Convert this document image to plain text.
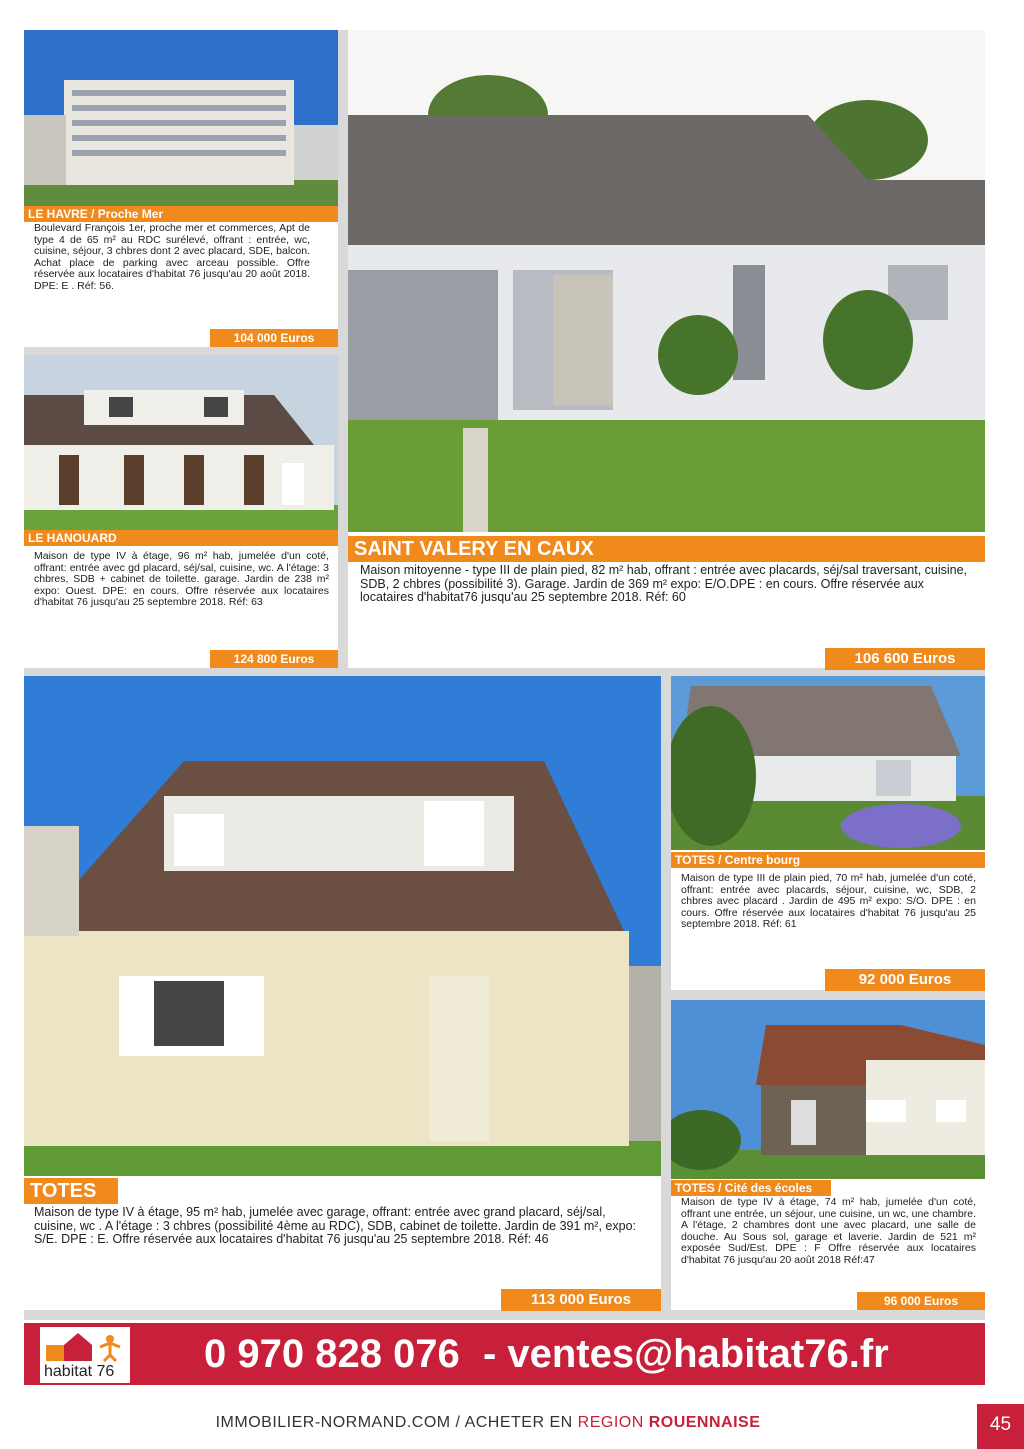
LE HAVRE / Proche Mer
Boulevard François 1er, proche mer et commerces, Apt de type 4 de 65 m² au RDC surélevé, offrant : entrée, wc, cuisine, séjour, 3 chbres dont 2 avec placard, SDE, balcon. Achat place de parking avec arceau possible. Offre réservée aux locataires d'habitat 76 jusqu'au 20 août 2018. DPE: E . Réf: 56.
104 000 Euros
LE HANOUARD
Maison de type IV à étage, 96 m² hab, jumelée d'un coté, offrant: entrée avec gd placard, séj/sal, cuisine, wc. A l'étage: 3 chbres, SDB + cabinet de toilette. garage. Jardin de 238 m² expo: Ouest. DPE: en cours. Offre réservée aux locataires d'habitat 76 jusqu'au 25 septembre 2018. Réf: 63
124 800 Euros
SAINT VALERY EN CAUX
Maison mitoyenne - type III de plain pied, 82 m² hab, offrant : entrée avec placards, séj/sal traversant, cuisine, SDB, 2 chbres (possibilité 3). Garage. Jardin de 369 m² expo: E/O.DPE : en cours. Offre réservée aux locataires d'habitat76 jusqu'au 25 septembre 2018. Réf: 60
106 600 Euros
TOTES / Centre bourg
Maison de type III de plain pied, 70 m² hab, jumelée d'un coté, offrant: entrée avec placards, séjour, cuisine, wc, SDB, 2 chbres avec placard . Jardin de 495 m² expo: S/O. DPE : en cours. Offre réservée aux locataires d'habitat 76 jusqu'au 25 septembre 2018. Réf: 61
92 000 Euros
TOTES
Maison de type IV à étage, 95 m² hab, jumelée avec garage, offrant: entrée avec grand placard, séj/sal, cuisine, wc . A l'étage : 3 chbres (possibilité 4ème au RDC), SDB, cabinet de toilette. Jardin de 391 m², expo: S/E. DPE : E. Offre réservée aux locataires d'habitat 76 jusqu'au 25 septembre 2018. Réf: 46
113 000 Euros
TOTES / Cité des écoles
Maison de type IV à étage, 74 m² hab, jumelée d'un coté, offrant une entrée, un séjour, une cuisine, un wc, une chambre. A l'étage, 2 chambres dont une avec placard, une salle de douche. Au Sous sol, garage et laverie. Jardin de 521 m² exposée Sud/Est. DPE : F Offre réservée aux locataires d'habitat 76 jusqu'au 20 août 2018 Réf:47
96 000 Euros
habitat 76 0 970 828 076 - ventes@habitat76.fr
IMMOBILIER-NORMAND.COM / ACHETER EN REGION ROUENNAISE	45
